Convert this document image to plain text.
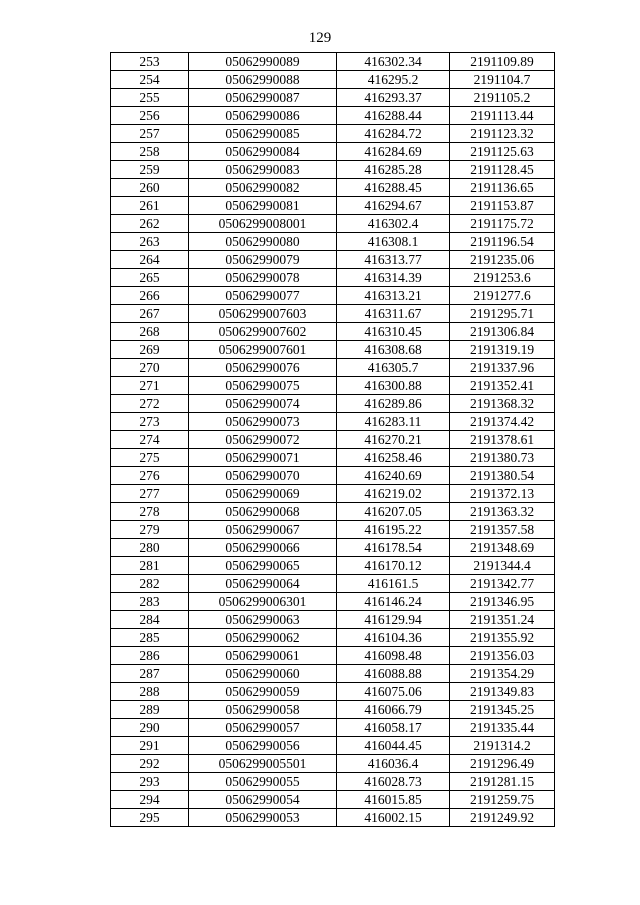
129
253	05062990089	416302.34	2191109.89
254	05062990088	416295.2	2191104.7
255	05062990087	416293.37	2191105.2
256	05062990086	416288.44	2191113.44
257	05062990085	416284.72	2191123.32
258	05062990084	416284.69	2191125.63
259	05062990083	416285.28	2191128.45
260	05062990082	416288.45	2191136.65
261	05062990081	416294.67	2191153.87
262	0506299008001	416302.4	2191175.72
263	05062990080	416308.1	2191196.54
264	05062990079	416313.77	2191235.06
265	05062990078	416314.39	2191253.6
266	05062990077	416313.21	2191277.6
267	0506299007603	416311.67	2191295.71
268	0506299007602	416310.45	2191306.84
269	0506299007601	416308.68	2191319.19
270	05062990076	416305.7	2191337.96
271	05062990075	416300.88	2191352.41
272	05062990074	416289.86	2191368.32
273	05062990073	416283.11	2191374.42
274	05062990072	416270.21	2191378.61
275	05062990071	416258.46	2191380.73
276	05062990070	416240.69	2191380.54
277	05062990069	416219.02	2191372.13
278	05062990068	416207.05	2191363.32
279	05062990067	416195.22	2191357.58
280	05062990066	416178.54	2191348.69
281	05062990065	416170.12	2191344.4
282	05062990064	416161.5	2191342.77
283	0506299006301	416146.24	2191346.95
284	05062990063	416129.94	2191351.24
285	05062990062	416104.36	2191355.92
286	05062990061	416098.48	2191356.03
287	05062990060	416088.88	2191354.29
288	05062990059	416075.06	2191349.83
289	05062990058	416066.79	2191345.25
290	05062990057	416058.17	2191335.44
291	05062990056	416044.45	2191314.2
292	0506299005501	416036.4	2191296.49
293	05062990055	416028.73	2191281.15
294	05062990054	416015.85	2191259.75
295	05062990053	416002.15	2191249.92
